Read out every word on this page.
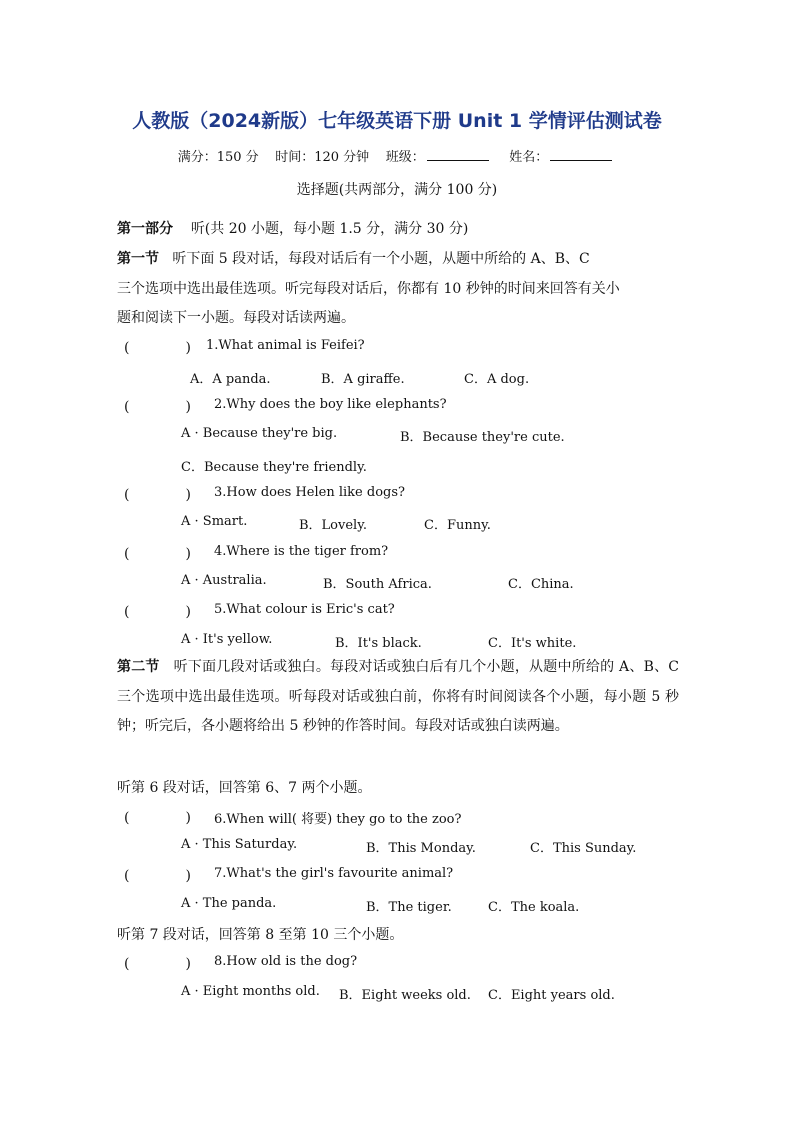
人教版（2024新版）七年级英语下册 Unit 1 学情评估测试卷
满分：150 分 时间：120 分钟 班级：	姓名：
选择题(共两部分，满分 100 分)
第一部分 听(共 20 小题，每小题 1.5 分，满分 30 分)
第一节 听下面 5 段对话，每段对话后有一个小题，从题中所给的 A、B、C
三个选项中选出最佳选项。听完每段对话后，你都有 10 秒钟的时间来回答有关小
题和阅读下一小题。每段对话读两遍。
(　　　　) 1.What animal is Feifei?
A．A panda.	B．A giraffe.	C．A dog.
(　　　　) 2.Why does the boy like elephants?
A · Because they're big.	B．Because they're cute.
C．Because they're friendly.
(　　　　) 3.How does Helen like dogs?
A · Smart.	B．Lovely.	C．Funny.
(　　　　) 4.Where is the tiger from?
A · Australia.	B．South Africa.	C．China.
(　　　　) 5.What colour is Eric's cat?
A · It's yellow.	B．It's black.	C．It's white.
第二节 听下面几段对话或独白。每段对话或独白后有几个小题，从题中所给的 A、B、C 三个选项中选出最佳选项。听每段对话或独白前，你将有时间阅读各个小题，每小题 5 秒钟；听完后，各小题将给出 5 秒钟的作答时间。每段对话或独白读两遍。
听第 6 段对话，回答第 6、7 两个小题。
(　　　　) 6.When will( 将要) they go to the zoo?
A · This Saturday.	B．This Monday.	C．This Sunday.
(　　　　) 7.What's the girl's favourite animal?
A · The panda.	B．The tiger.	C．The koala.
听第 7 段对话，回答第 8 至第 10 三个小题。
(　　　　) 8.How old is the dog?
A · Eight months old. B．Eight weeks old. C．Eight years old.
